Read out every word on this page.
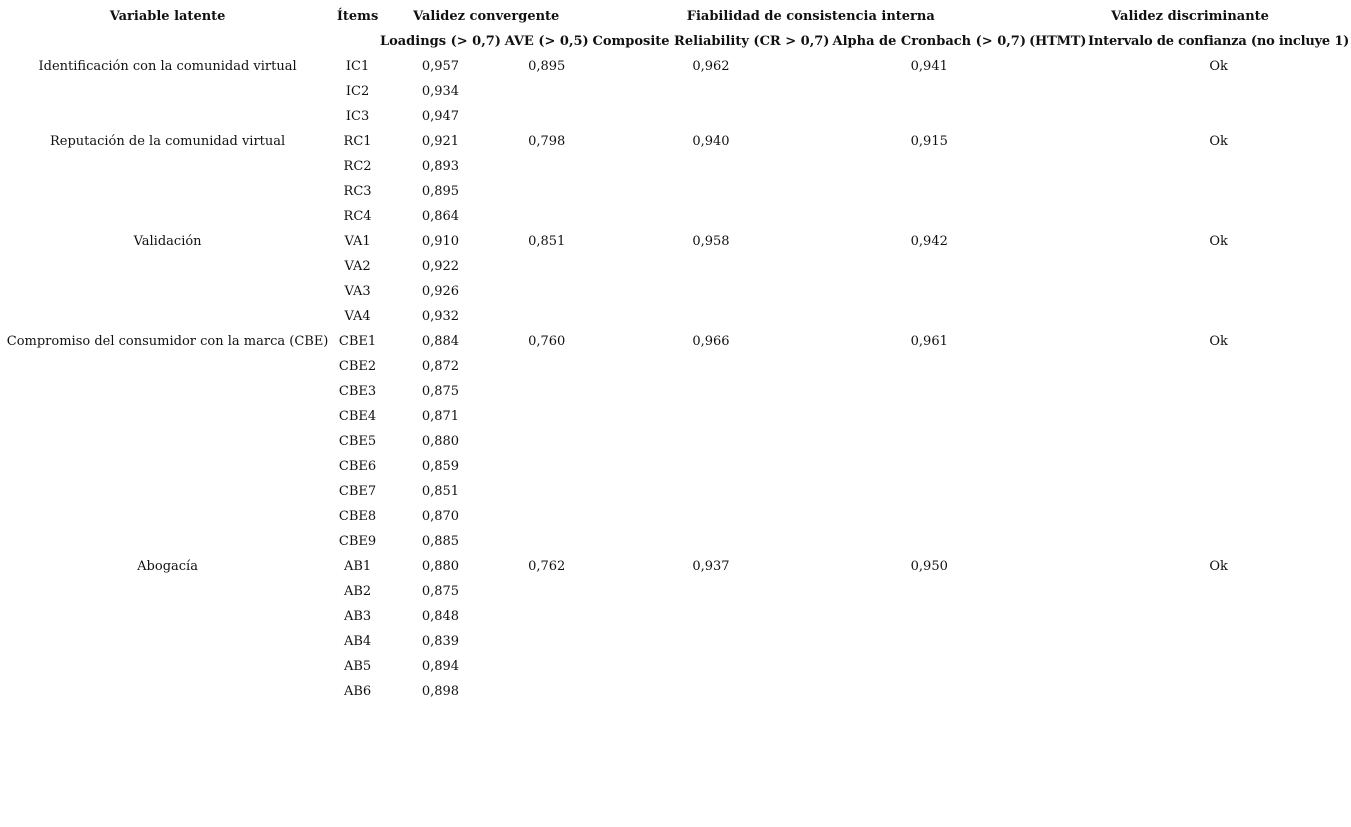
Variable latente	Ítems	Validez convergente		Fiabilidad de consistencia interna		Validez discriminante	
		Loadings (> 0,7)	AVE (> 0,5)	Composite Reliability (CR > 0,7)	Alpha de Cronbach (> 0,7)	(HTMT)	Intervalo de confianza (no incluye 1)
Identificación con la comunidad virtual	IC1	0,957	0,895	0,962	0,941		Ok
	IC2	0,934					
	IC3	0,947					
Reputación de la comunidad virtual	RC1	0,921	0,798	0,940	0,915		Ok
	RC2	0,893					
	RC3	0,895					
	RC4	0,864					
Validación	VA1	0,910	0,851	0,958	0,942		Ok
	VA2	0,922					
	VA3	0,926					
	VA4	0,932					
Compromiso del consumidor con la marca (CBE)	CBE1	0,884	0,760	0,966	0,961		Ok
	CBE2	0,872					
	CBE3	0,875					
	CBE4	0,871					
	CBE5	0,880					
	CBE6	0,859					
	CBE7	0,851					
	CBE8	0,870					
	CBE9	0,885					
Abogacía	AB1	0,880	0,762	0,937	0,950		Ok
	AB2	0,875					
	AB3	0,848					
	AB4	0,839					
	AB5	0,894					
	AB6	0,898					
